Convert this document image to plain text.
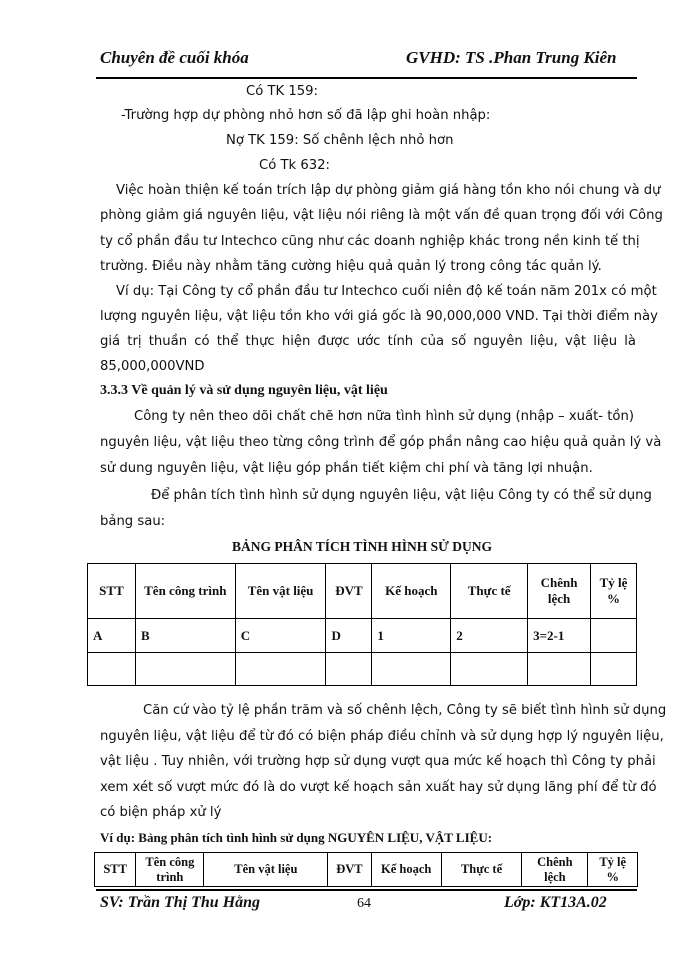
Chuyên đề cuối khóa	GVHD: TS .Phan Trung Kiên
Có TK 159:
-Trường hợp dự phòng nhỏ hơn số đã lập ghi hoàn nhập:
Nợ TK 159: Số chênh lệch nhỏ hơn
Có Tk 632:
Việc hoàn thiện kế toán trích lập dự phòng giảm giá hàng tồn kho nói chung và dự
phòng giảm giá nguyên liệu, vật liệu nói riêng là một vấn đề quan trọng đối với Công
ty cổ phần đầu tư Intechco cũng như các doanh nghiệp khác trong nền kinh tế thị
trường. Điều này nhằm tăng cường hiệu quả quản lý trong công tác quản lý.
Ví dụ: Tại Công ty cổ phần đầu tư Intechco cuối niên độ kế toán năm 201x có một
lượng nguyên liệu, vật liệu tồn kho với giá gốc là 90,000,000 VND. Tại thời điểm này
giá trị thuần có thể thực hiện được ước tính của số nguyên liệu, vật liệu là
85,000,000VND
3.3.3 Về quản lý và sử dụng nguyên liệu, vật liệu
Công ty nên theo dõi chất chẽ hơn nữa tình hình sử dụng (nhập – xuất- tồn)
nguyên liệu, vật liệu theo từng công trình để góp phần nâng cao hiệu quả quản lý và
sử dung nguyên liệu, vật liệu góp phần tiết kiệm chi phí và tăng lợi nhuận.
Để phân tích tình hình sử dụng nguyên liệu, vật liệu Công ty có thể sử dụng
bảng sau:
BẢNG PHÂN TÍCH TÌNH HÌNH SỬ DỤNG
STT	Tên công trình	Tên vật liệu	ĐVT	Kế hoạch	Thực tế	Chênh lệch	Tỷ lệ %
A	B	C	D	1	2	3=2-1	

Căn cứ vào tỷ lệ phần trăm và số chênh lệch, Công ty sẽ biết tình hình sử dụng
nguyên liệu, vật liệu để từ đó có biện pháp điều chỉnh và sử dụng hợp lý nguyên liệu,
vật liệu . Tuy nhiên, với trường hợp sử dụng vượt qua mức kế hoạch thì Công ty phải
xem xét số vượt mức đó là do vượt kế hoạch sản xuất hay sử dụng lãng phí để từ đó
có biện pháp xử lý
Ví dụ: Bảng phân tích tình hình sử dụng NGUYÊN LIỆU, VẬT LIỆU:
STT	Tên công trình	Tên vật liệu	ĐVT	Kế hoạch	Thực tế	Chênh lệch	Tỷ lệ %
SV: Trần Thị Thu Hằng	64	Lớp: KT13A.02
